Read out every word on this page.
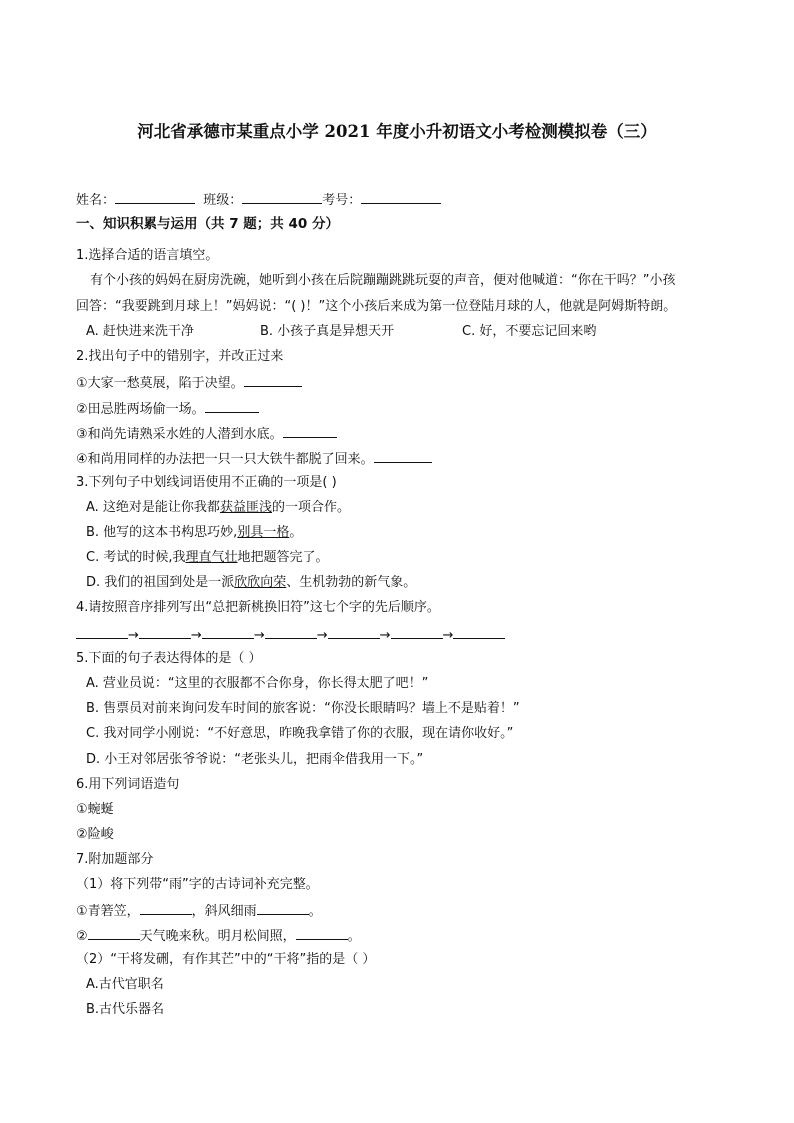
河北省承德市某重点小学 2021 年度小升初语文小考检测模拟卷（三）
姓名：	班级：	考号：
一、知识积累与运用（共 7 题；共 40 分）
1.选择合适的语言填空。
有个小孩的妈妈在厨房洗碗，她听到小孩在后院蹦蹦跳跳玩耍的声音，便对他喊道：“你在干吗？”小孩
回答：“我要跳到月球上！”妈妈说：“( )！”这个小孩后来成为第一位登陆月球的人，他就是阿姆斯特朗。
A. 赶快进来洗干净	B. 小孩子真是异想天开	C. 好，不要忘记回来哟
2.找出句子中的错别字，并改正过来
①大家一愁莫展，陷于决望。
②田忌胜两场偷一场。
③和尚先请熟采水姓的人潜到水底。
④和尚用同样的办法把一只一只大铁牛都脱了回来。
3.下列句子中划线词语使用不正确的一项是( )
A. 这绝对是能让你我都获益匪浅的一项合作。
B. 他写的这本书构思巧妙,别具一格。
C. 考试的时候,我理直气壮地把题答完了。
D. 我们的祖国到处是一派欣欣向荣、生机勃勃的新气象。
4.请按照音序排列写出“总把新桃换旧符”这七个字的先后顺序。
→	→	→	→	→	→
5.下面的句子表达得体的是（ ）
A. 营业员说：“这里的衣服都不合你身，你长得太肥了吧！”
B. 售票员对前来询问发车时间的旅客说：“你没长眼睛吗？墙上不是贴着！”
C. 我对同学小刚说：“不好意思，昨晚我拿错了你的衣服，现在请你收好。”
D. 小王对邻居张爷爷说：“老张头儿，把雨伞借我用一下。”
6.用下列词语造句
①蜿蜒
②险峻
7.附加题部分
（1）将下列带“雨”字的古诗词补充完整。
①青箬笠，	，斜风细雨	。
②	天气晚来秋。明月松间照，	。
（2）“干将发硎，有作其芒”中的“干将”指的是（ ）
A.古代官职名
B.古代乐器名
